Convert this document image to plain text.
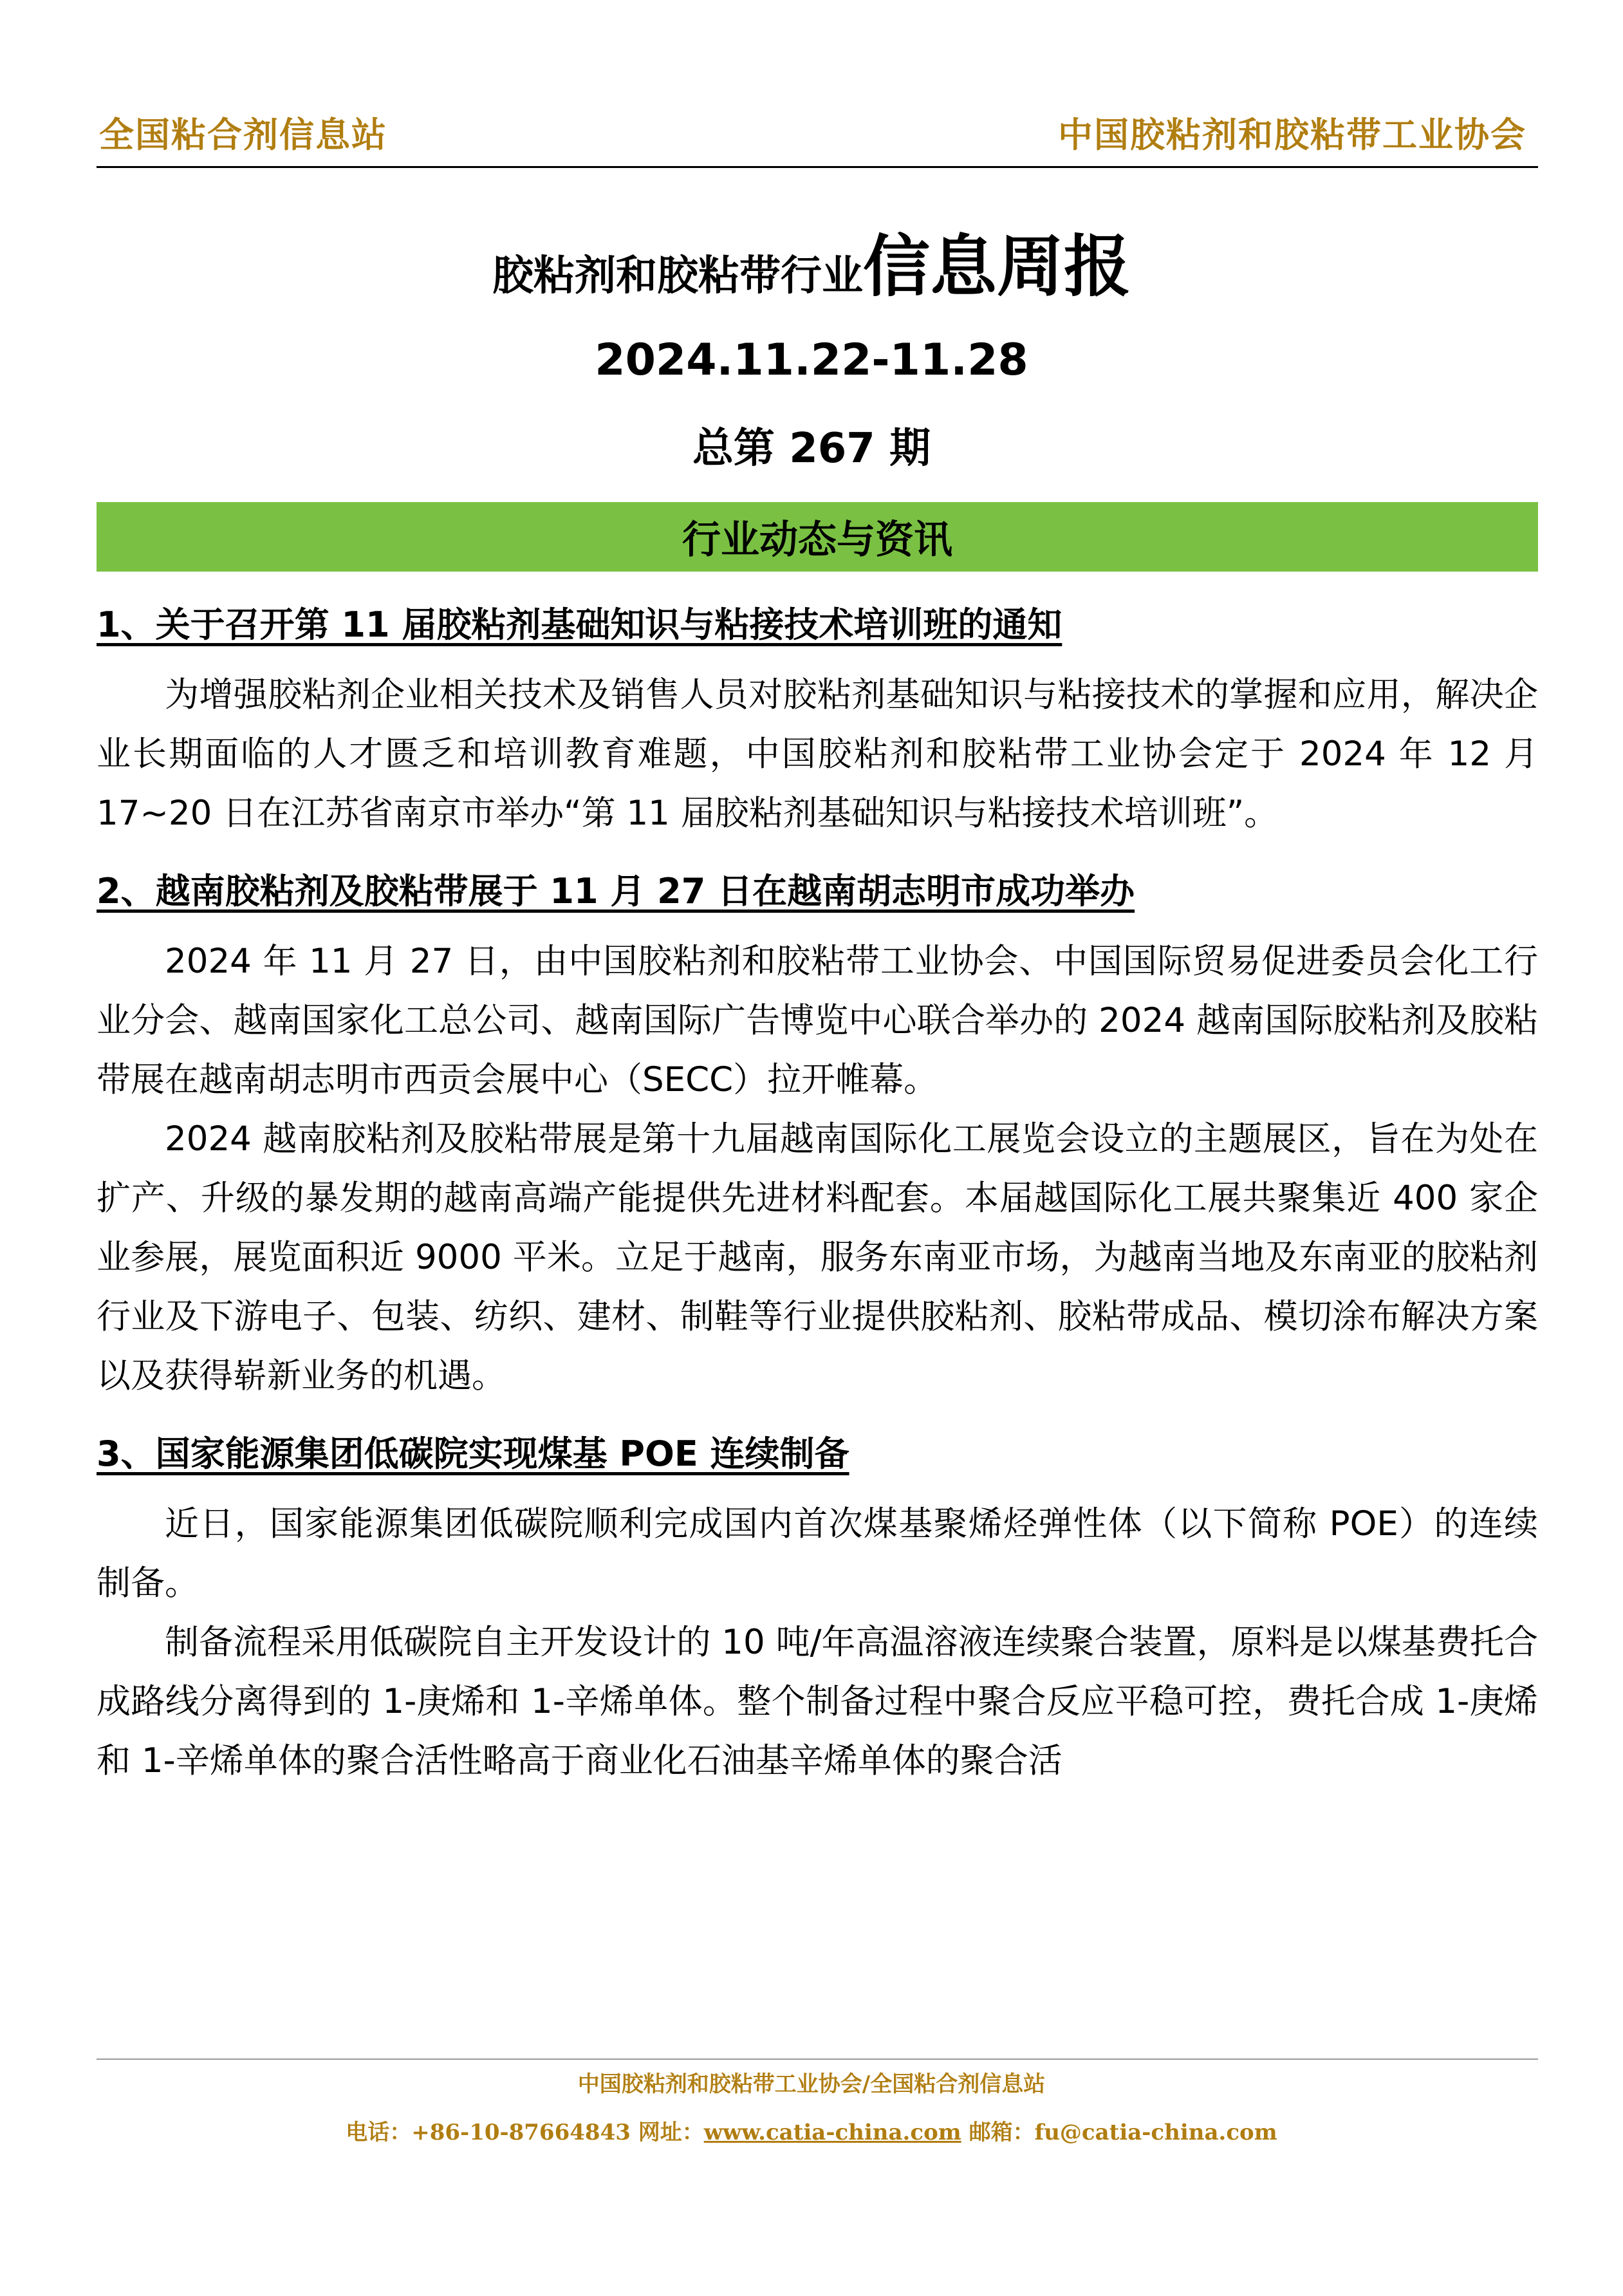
全国粘合剂信息站	中国胶粘剂和胶粘带工业协会
胶粘剂和胶粘带行业信息周报
2024.11.22-11.28
总第 267 期
行业动态与资讯
1、关于召开第 11 届胶粘剂基础知识与粘接技术培训班的通知

为增强胶粘剂企业相关技术及销售人员对胶粘剂基础知识与粘接技术的掌握和应用，解决企业长期面临的人才匮乏和培训教育难题，中国胶粘剂和胶粘带工业协会定于 2024 年 12 月 17~20 日在江苏省南京市举办“第 11 届胶粘剂基础知识与粘接技术培训班”。

2、越南胶粘剂及胶粘带展于 11 月 27 日在越南胡志明市成功举办

2024 年 11 月 27 日，由中国胶粘剂和胶粘带工业协会、中国国际贸易促进委员会化工行业分会、越南国家化工总公司、越南国际广告博览中心联合举办的 2024 越南国际胶粘剂及胶粘带展在越南胡志明市西贡会展中心（SECC）拉开帷幕。

2024 越南胶粘剂及胶粘带展是第十九届越南国际化工展览会设立的主题展区，旨在为处在扩产、升级的暴发期的越南高端产能提供先进材料配套。本届越国际化工展共聚集近 400 家企业参展，展览面积近 9000 平米。立足于越南，服务东南亚市场，为越南当地及东南亚的胶粘剂行业及下游电子、包装、纺织、建材、制鞋等行业提供胶粘剂、胶粘带成品、模切涂布解决方案以及获得崭新业务的机遇。

3、国家能源集团低碳院实现煤基 POE 连续制备

近日，国家能源集团低碳院顺利完成国内首次煤基聚烯烃弹性体（以下简称 POE）的连续制备。

制备流程采用低碳院自主开发设计的 10 吨/年高温溶液连续聚合装置，原料是以煤基费托合成路线分离得到的 1-庚烯和 1-辛烯单体。整个制备过程中聚合反应平稳可控，费托合成 1-庚烯和 1-辛烯单体的聚合活性略高于商业化石油基辛烯单体的聚合活

中国胶粘剂和胶粘带工业协会/全国粘合剂信息站
电话：+86-10-87664843 网址：www.catia-china.com 邮箱：fu@catia-china.com
